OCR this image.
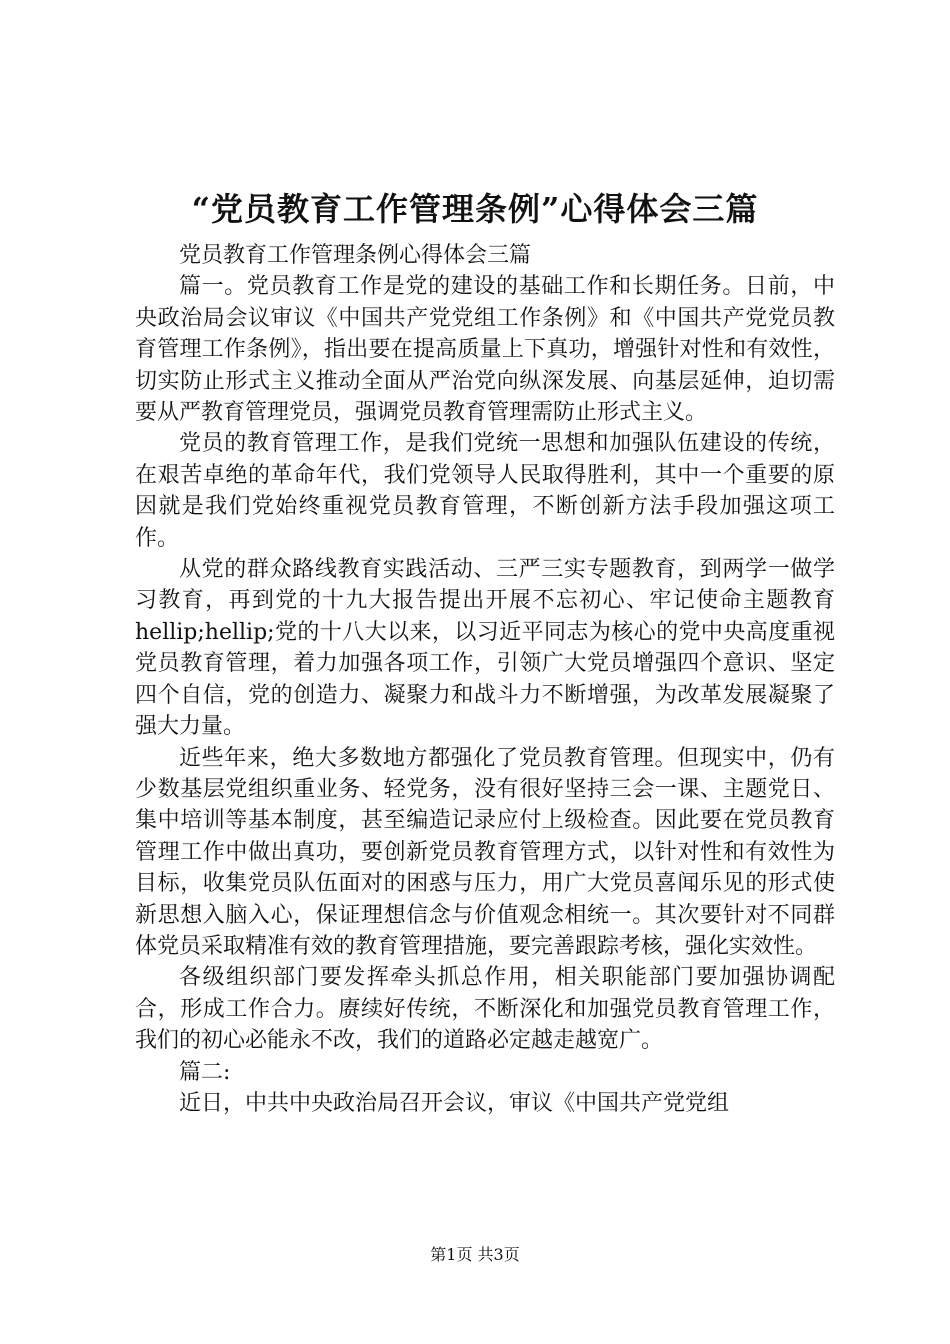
“党员教育工作管理条例”心得体会三篇

党员教育工作管理条例心得体会三篇

篇一。党员教育工作是党的建设的基础工作和长期任务。日前，中央政治局会议审议《中国共产党党组工作条例》和《中国共产党党员教育管理工作条例》，指出要在提高质量上下真功，增强针对性和有效性，切实防止形式主义推动全面从严治党向纵深发展、向基层延伸，迫切需要从严教育管理党员，强调党员教育管理需防止形式主义。

党员的教育管理工作，是我们党统一思想和加强队伍建设的传统，在艰苦卓绝的革命年代，我们党领导人民取得胜利，其中一个重要的原因就是我们党始终重视党员教育管理，不断创新方法手段加强这项工作。

从党的群众路线教育实践活动、三严三实专题教育，到两学一做学习教育，再到党的十九大报告提出开展不忘初心、牢记使命主题教育hellip;hellip;党的十八大以来，以习近平同志为核心的党中央高度重视党员教育管理，着力加强各项工作，引领广大党员增强四个意识、坚定四个自信，党的创造力、凝聚力和战斗力不断增强，为改革发展凝聚了强大力量。

近些年来，绝大多数地方都强化了党员教育管理。但现实中，仍有少数基层党组织重业务、轻党务，没有很好坚持三会一课、主题党日、集中培训等基本制度，甚至编造记录应付上级检查。因此要在党员教育管理工作中做出真功，要创新党员教育管理方式，以针对性和有效性为目标，收集党员队伍面对的困惑与压力，用广大党员喜闻乐见的形式使新思想入脑入心，保证理想信念与价值观念相统一。其次要针对不同群体党员采取精准有效的教育管理措施，要完善跟踪考核，强化实效性。

各级组织部门要发挥牵头抓总作用，相关职能部门要加强协调配合，形成工作合力。赓续好传统，不断深化和加强党员教育管理工作，我们的初心必能永不改，我们的道路必定越走越宽广。

篇二:

近日，中共中央政治局召开会议，审议《中国共产党党组

第1页 共3页
